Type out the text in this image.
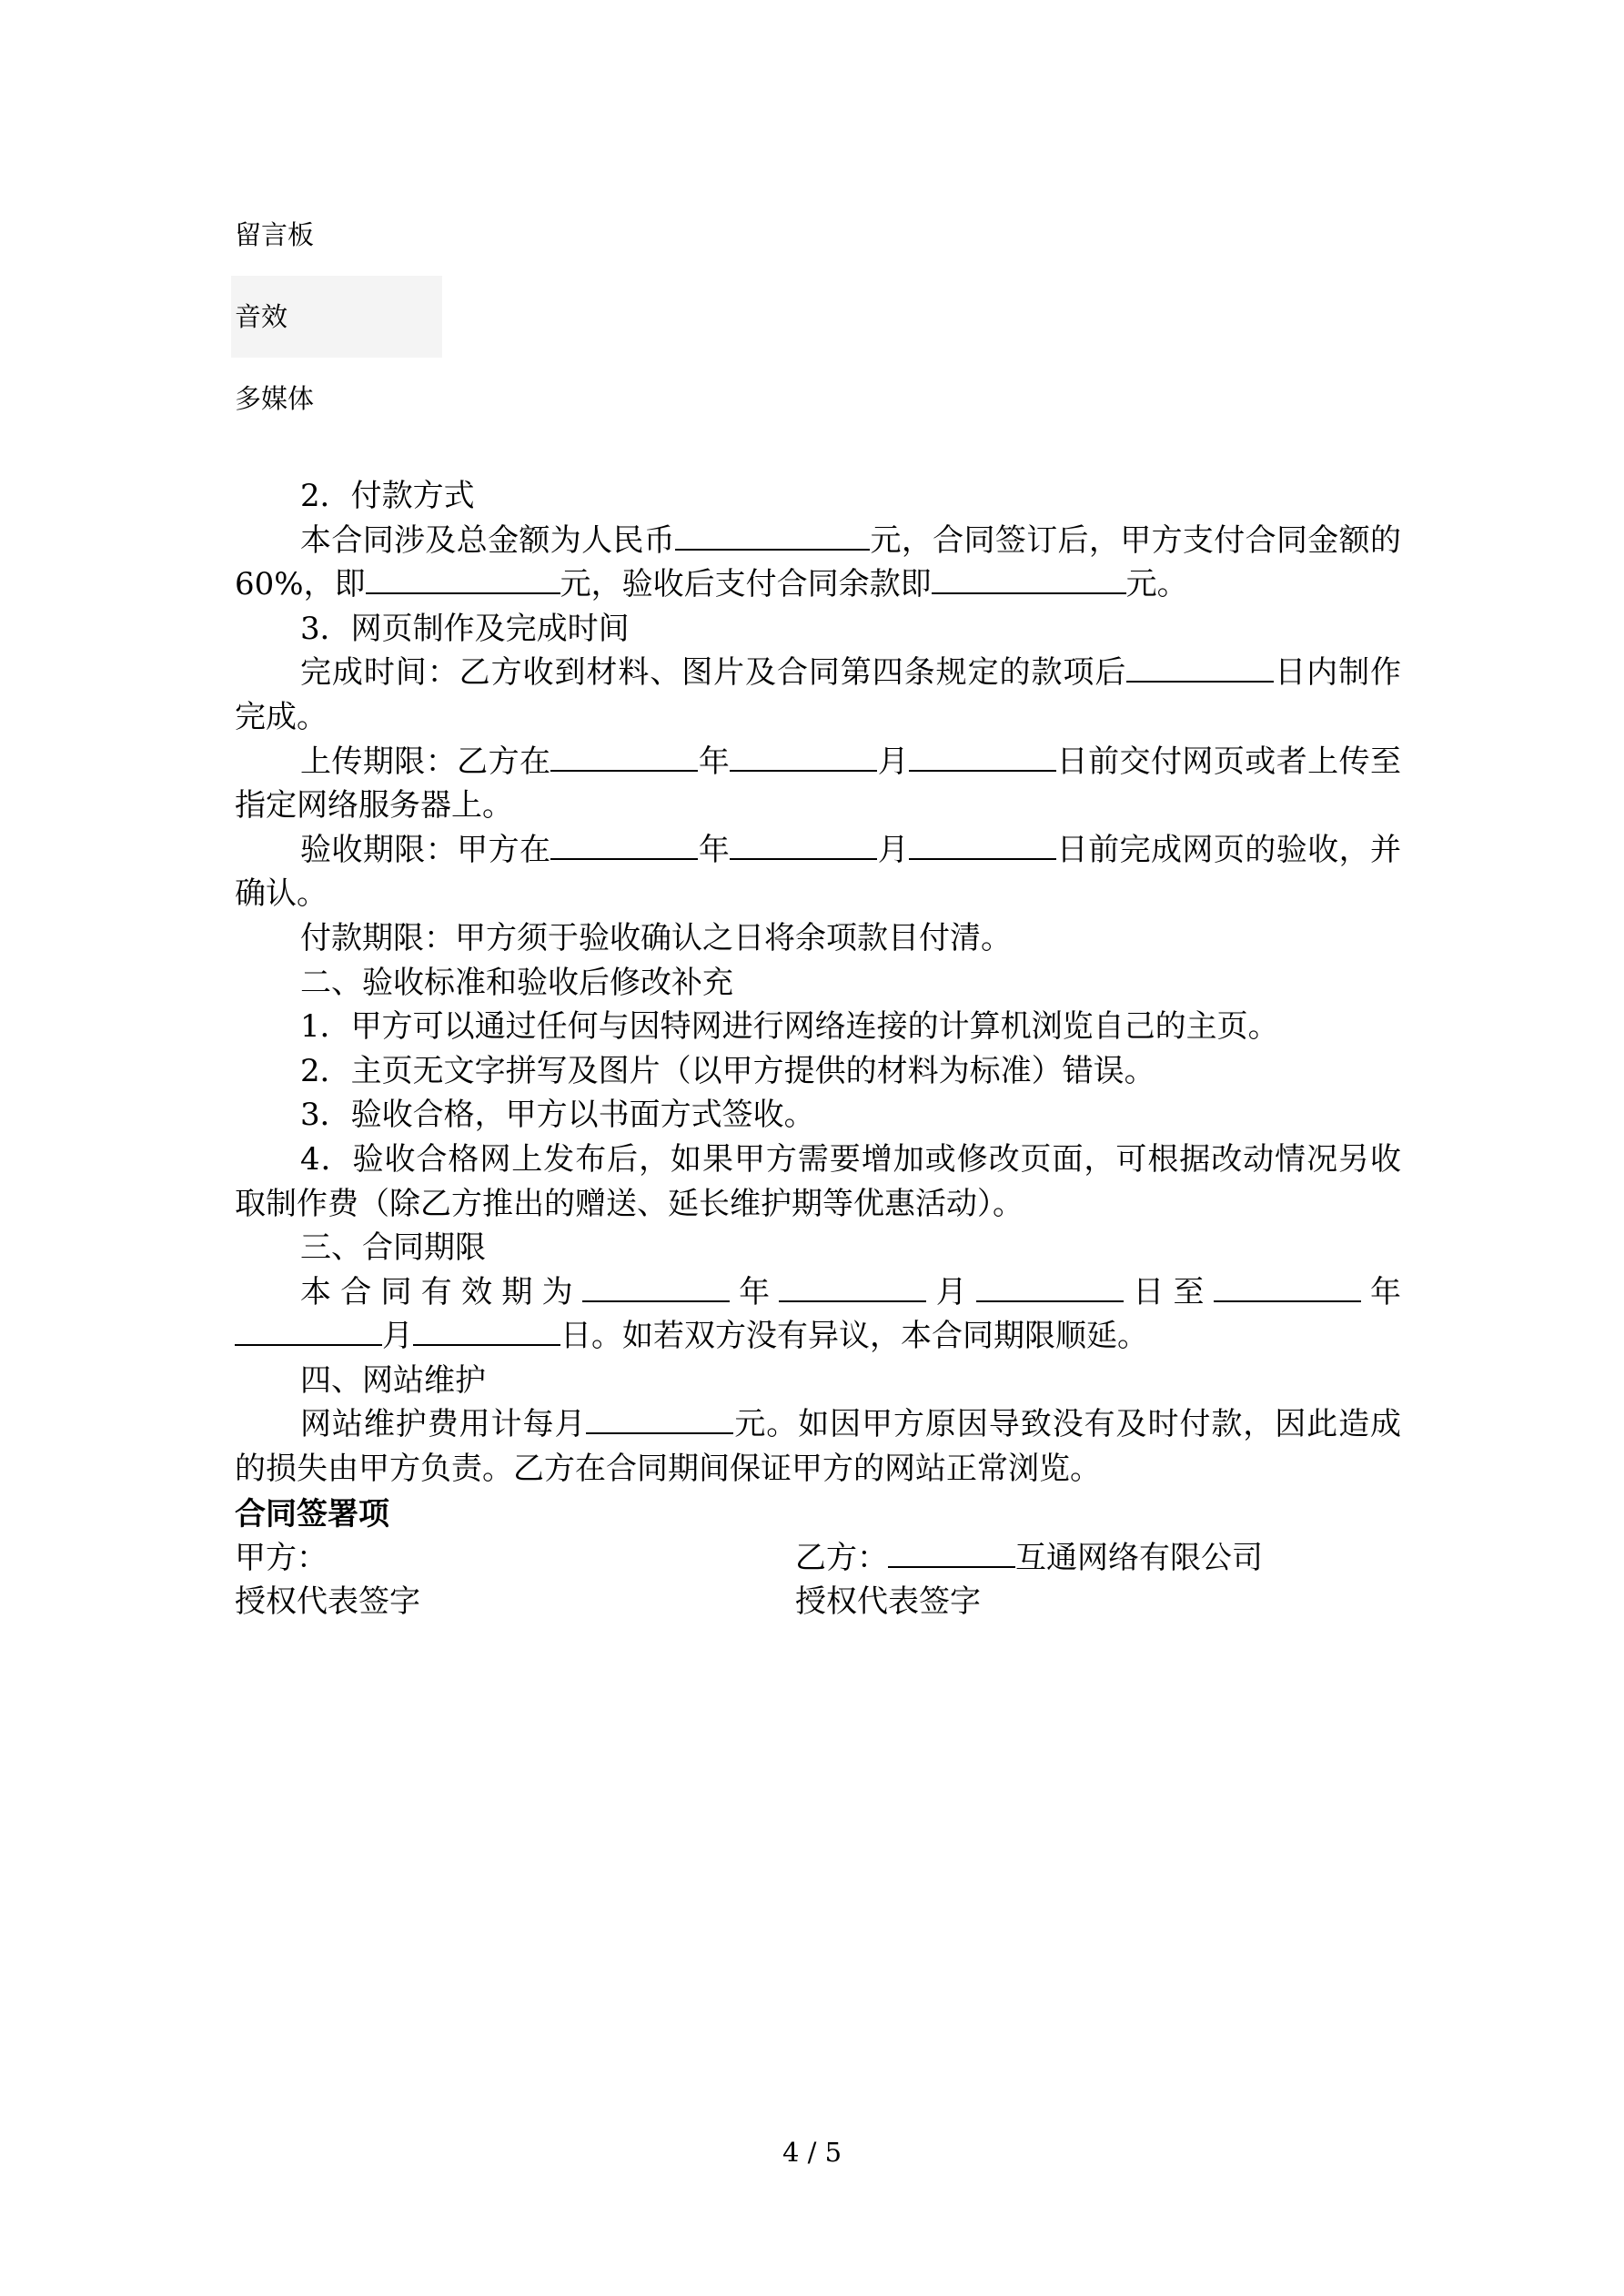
留言板
音效
多媒体

2．付款方式

本合同涉及总金额为人民币	元，合同签订后，甲方支付合同金额的60%，即	元，验收后支付合同余款即	元。

3．网页制作及完成时间

完成时间：乙方收到材料、图片及合同第四条规定的款项后	日内制作完成。

上传期限：乙方在	年	月	日前交付网页或者上传至指定网络服务器上。

验收期限：甲方在	年	月	日前完成网页的验收，并确认。

付款期限：甲方须于验收确认之日将余项款目付清。

二、验收标准和验收后修改补充

1．甲方可以通过任何与因特网进行网络连接的计算机浏览自己的主页。

2．主页无文字拼写及图片（以甲方提供的材料为标准）错误。

3．验收合格，甲方以书面方式签收。

4．验收合格网上发布后，如果甲方需要增加或修改页面，可根据改动情况另收取制作费（除乙方推出的赠送、延长维护期等优惠活动）。

三、合同期限

本合同有效期为	年	月	日至	年

月	日。如若双方没有异议，本合同期限顺延。

四、网站维护

网站维护费用计每月	元。如因甲方原因导致没有及时付款，因此造成的损失由甲方负责。乙方在合同期间保证甲方的网站正常浏览。

合同签署项
甲方：	乙方：	互通网络有限公司
授权代表签字	授权代表签字
4 / 5
